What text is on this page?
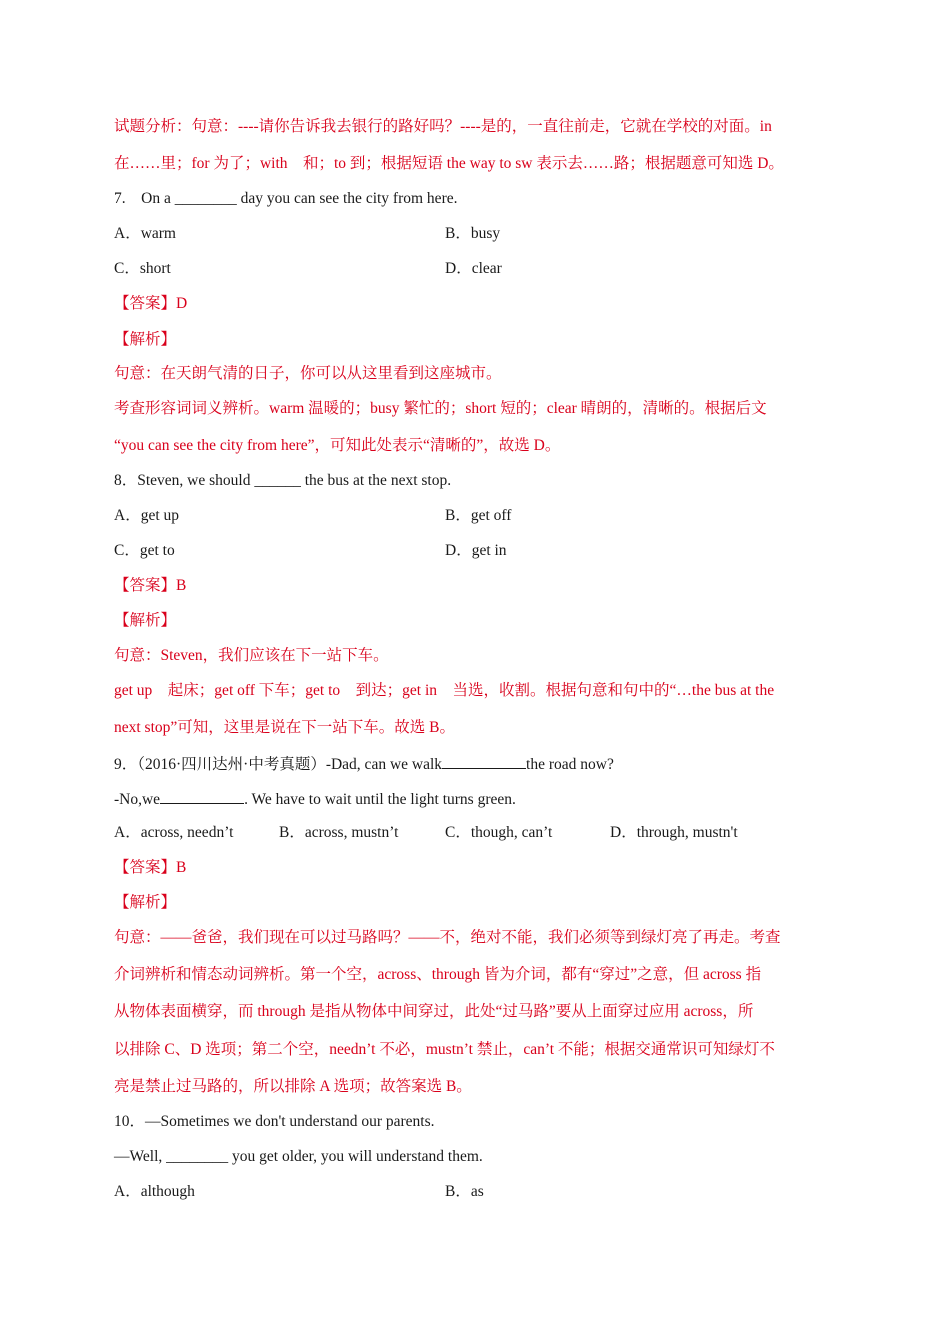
试题分析：句意：----请你告诉我去银行的路好吗？----是的，一直往前走，它就在学校的对面。in
在……里；for 为了；with　和；to 到；根据短语 the way to sw 表示去……路；根据题意可知选 D。
7.　On a ________ day you can see the city from here.
A．warm	B．busy
C．short	D．clear
【答案】D
【解析】
句意：在天朗气清的日子，你可以从这里看到这座城市。
考查形容词词义辨析。warm 温暖的；busy 繁忙的；short 短的；clear 晴朗的，清晰的。根据后文
“you can see the city from here”，可知此处表示“清晰的”，故选 D。
8．Steven, we should ______ the bus at the next stop.
A．get up	B．get off
C．get to	D．get in
【答案】B
【解析】
句意：Steven，我们应该在下一站下车。
get up　起床；get off 下车；get to　到达；get in　当选，收割。根据句意和句中的“…the bus at the
next stop”可知，这里是说在下一站下车。故选 B。
9．（2016·四川达州·中考真题）-Dad, can we walk	the road now?
-No,we	. We have to wait until the light turns green.
A．across, needn’t	B．across, mustn’t	C．though, can’t	D．through, mustn't
【答案】B
【解析】
句意：——爸爸，我们现在可以过马路吗？——不，绝对不能，我们必须等到绿灯亮了再走。考查
介词辨析和情态动词辨析。第一个空，across、through 皆为介词，都有“穿过”之意，但 across 指
从物体表面横穿，而 through 是指从物体中间穿过，此处“过马路”要从上面穿过应用 across，所
以排除 C、D 选项；第二个空，needn’t 不必，mustn’t 禁止，can’t 不能；根据交通常识可知绿灯不
亮是禁止过马路的，所以排除 A 选项；故答案选 B。
10．—Sometimes we don't understand our parents.
—Well, ________ you get older, you will understand them.
A．although	B．as
